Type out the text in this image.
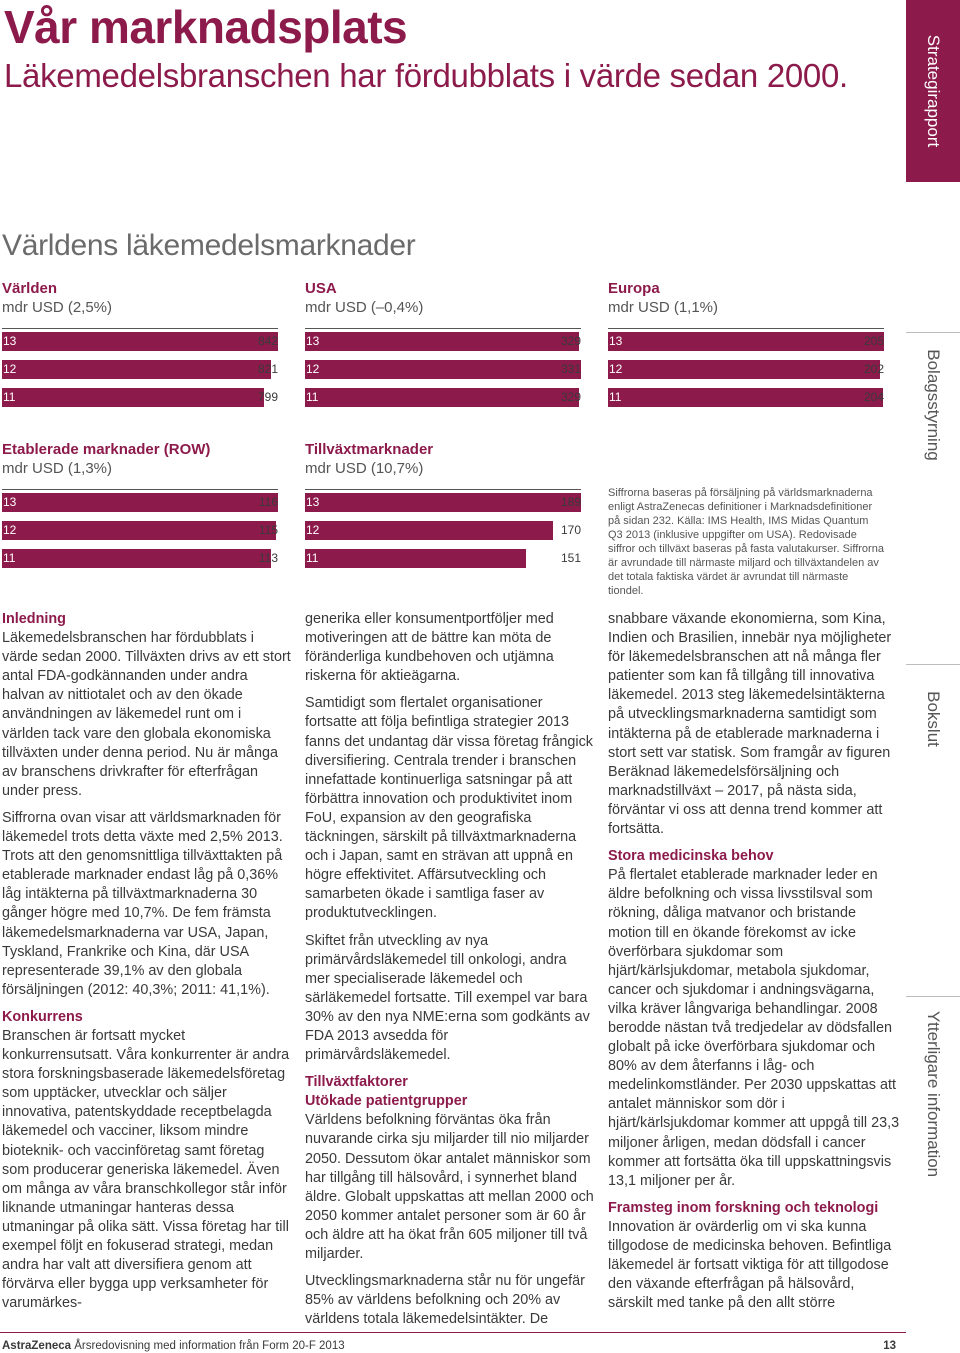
Vår marknadsplats
Läkemedelsbranschen har fördubblats i värde sedan 2000.
Världens läkemedelsmarknader
Världen
mdr USD (2,5%)
13	842
12	821
11	799
USA
mdr USD (–0,4%)
13	329
12	331
11	329
Europa
mdr USD (1,1%)
13	205
12	202
11	204
Etablerade marknader (ROW)
mdr USD (1,3%)
13	116
12	115
11	113
Tillväxtmarknader
mdr USD (10,7%)
13	189
12	170
11	151
Siffrorna baseras på försäljning på världsmarknaderna enligt AstraZenecas definitioner i Marknadsdefinitioner på sidan 232. Källa: IMS Health, IMS Midas Quantum Q3 2013 (inklusive uppgifter om USA). Redovisade siffror och tillväxt baseras på fasta valutakurser. Siffrorna är avrundade till närmaste miljard och tillväxtandelen av det totala faktiska värdet är avrundat till närmaste tiondel.
Inledning

Läkemedelsbranschen har fördubblats i värde sedan 2000. Tillväxten drivs av ett stort antal FDA-godkännanden under andra halvan av nittiotalet och av den ökade användningen av läkemedel runt om i världen tack vare den globala ekonomiska tillväxten under denna period. Nu är många av branschens drivkrafter för efterfrågan under press.

Siffrorna ovan visar att världsmarknaden för läkemedel trots detta växte med 2,5% 2013. Trots att den genomsnittliga tillväxttakten på etablerade marknader endast låg på 0,36% låg intäkterna på tillväxtmarknaderna 30 gånger högre med 10,7%. De fem främsta läkemedelsmarknaderna var USA, Japan, Tyskland, Frankrike och Kina, där USA representerade 39,1% av den globala försäljningen (2012: 40,3%; 2011: 41,1%).

Konkurrens

Branschen är fortsatt mycket konkurrensutsatt. Våra konkurrenter är andra stora forskningsbaserade läkemedelsföretag som upptäcker, utvecklar och säljer innovativa, patentskyddade receptbelagda läkemedel och vacciner, liksom mindre bioteknik- och vaccinföretag samt företag som producerar generiska läkemedel. Även om många av våra branschkollegor står inför liknande utmaningar hanteras dessa utmaningar på olika sätt. Vissa företag har till exempel följt en fokuserad strategi, medan andra har valt att diversifiera genom att förvärva eller bygga upp verksamheter för varumärkes-

generika eller konsumentportföljer med motiveringen att de bättre kan möta de föränderliga kundbehoven och utjämna riskerna för aktieägarna.

Samtidigt som flertalet organisationer fortsatte att följa befintliga strategier 2013 fanns det undantag där vissa företag frångick diversifiering. Centrala trender i branschen innefattade kontinuerliga satsningar på att förbättra innovation och produktivitet inom FoU, expansion av den geografiska täckningen, särskilt på tillväxtmarknaderna och i Japan, samt en strävan att uppnå en högre effektivitet. Affärsutveckling och samarbeten ökade i samtliga faser av produktutvecklingen.

Skiftet från utveckling av nya primärvårdsläkemedel till onkologi, andra mer specialiserade läkemedel och särläkemedel fortsatte. Till exempel var bara 30% av den nya NME:erna som godkänts av FDA 2013 avsedda för primärvårdsläkemedel.

Tillväxtfaktorer
Utökade patientgrupper

Världens befolkning förväntas öka från nuvarande cirka sju miljarder till nio miljarder 2050. Dessutom ökar antalet människor som har tillgång till hälsovård, i synnerhet bland äldre. Globalt uppskattas att mellan 2000 och 2050 kommer antalet personer som är 60 år och äldre att ha ökat från 605 miljoner till två miljarder.

Utvecklingsmarknaderna står nu för ungefär 85% av världens befolkning och 20% av världens totala läkemedelsintäkter. De

snabbare växande ekonomierna, som Kina, Indien och Brasilien, innebär nya möjligheter för läkemedelsbranschen att nå många fler patienter som kan få tillgång till innovativa läkemedel. 2013 steg läkemedelsintäkterna på utvecklingsmarknaderna samtidigt som intäkterna på de etablerade marknaderna i stort sett var statisk. Som framgår av figuren Beräknad läkemedelsförsäljning och marknadstillväxt – 2017, på nästa sida, förväntar vi oss att denna trend kommer att fortsätta.

Stora medicinska behov

På flertalet etablerade marknader leder en äldre befolkning och vissa livsstilsval som rökning, dåliga matvanor och bristande motion till en ökande förekomst av icke överförbara sjukdomar som hjärt/kärlsjukdomar, metabola sjukdomar, cancer och sjukdomar i andningsvägarna, vilka kräver långvariga behandlingar. 2008 berodde nästan två tredjedelar av dödsfallen globalt på icke överförbara sjukdomar och 80% av dem återfanns i låg- och medelinkomstländer. Per 2030 uppskattas att antalet människor som dör i hjärt/kärlsjukdomar kommer att uppgå till 23,3 miljoner årligen, medan dödsfall i cancer kommer att fortsätta öka till uppskattningsvis 13,1 miljoner per år.

Framsteg inom forskning och teknologi

Innovation är ovärderlig om vi ska kunna tillgodose de medicinska behoven. Befintliga läkemedel är fortsatt viktiga för att tillgodose den växande efterfrågan på hälsovård, särskilt med tanke på den allt större

Strategirapport
Bolagsstyrning
Bokslut
Ytterligare information
AstraZeneca Årsredovisning med information från Form 20-F 2013	13
